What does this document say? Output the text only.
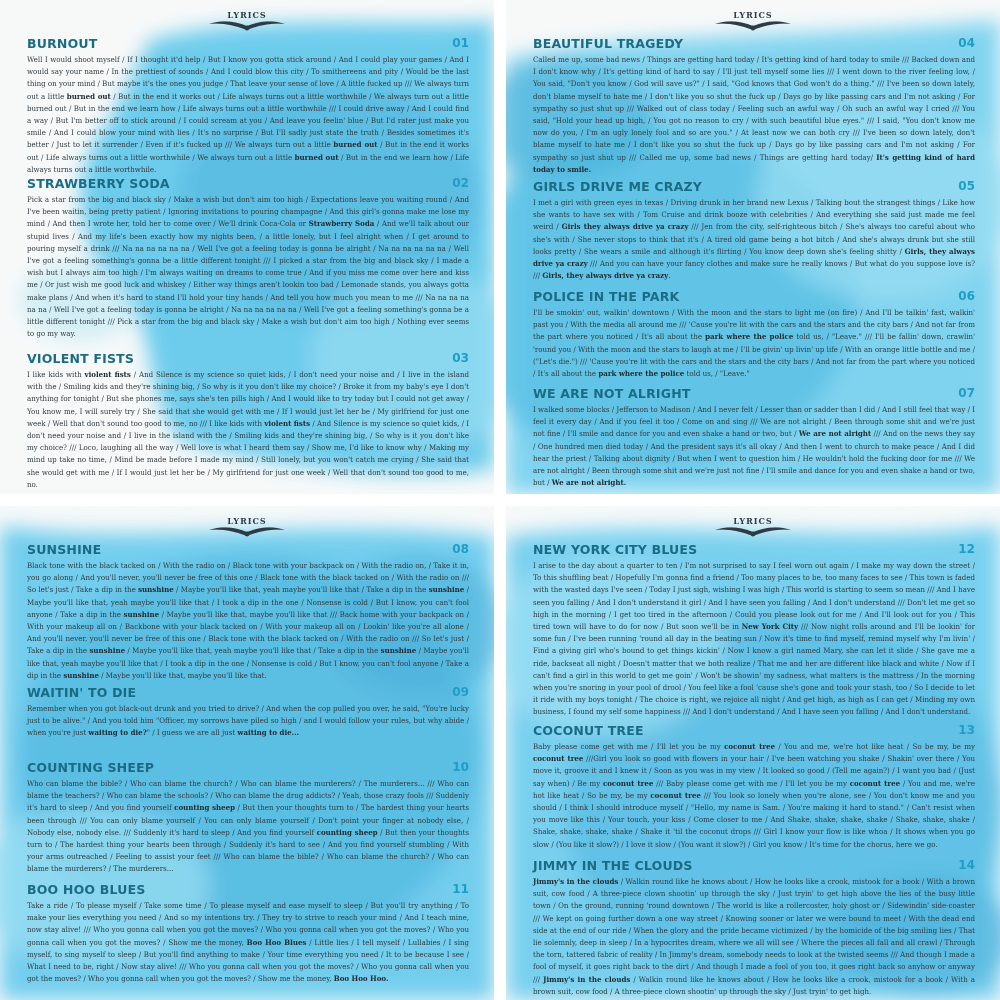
LYRICS
BURNOUT	01
Well I would shoot myself / If I thought it'd help / But I know you gotta stick around / And I could play your games / And I would say your name / In the prettiest of sounds / And I could blow this city / To smithereens and pity / Would be the last thing on your mind / But maybe it's the ones you judge / That leave your sense of love / A little fucked up /// We always turn out a little burned out / But in the end it works out / Life always turns out a little worthwhile / We always turn out a little burned out / But in the end we learn how / Life always turns out a little worthwhile /// I could drive away / And I could find a way / But I'm better off to stick around / I could scream at you / And leave you feelin' blue / But I'd rater just make you smile / And I could blow your mind with lies / It's no surprise / But I'll sadly just state the truth / Besides sometimes it's better / Just to let it surrender / Even if it's fucked up /// We always turn out a little burned out / But in the end it works out / Life always turns out a little worthwhile / We always turn out a little burned out / But in the end we learn how / Life always turns out a little worthwhile.
STRAWBERRY SODA	02
Pick a star from the big and black sky / Make a wish but don't aim too high / Expectations leave you waiting round / And I've been waitin, being pretty patient / Ignoring invitations to pouring champagne / And this girl's gonna make me lose my mind / And then I wrote her, told her to come over / We'll drink Coca-Cola or Strawberry Soda / And we'll talk about our stupid lives / And my life's been exactly how my nights been, / a little lonely, but I feel alright when / I get around to pouring myself a drink /// Na na na na na na / Well I've got a feeling today is gonna be alright / Na na na na na na / Well I've got a feeling something's gonna be a little different tonight /// I picked a star from the big and black sky / I made a wish but I always aim too high / I'm always waiting on dreams to come true / And if you miss me come over here and kiss me / Or just wish me good luck and whiskey / Either way things aren't lookin too bad / Lemonade stands, you always gotta make plans / And when it's hard to stand I'll hold your tiny hands / And tell you how much you mean to me /// Na na na na na na / Well I've got a feeling today is gonna be alright / Na na na na na na / Well I've got a feeling something's gonna be a little different tonight /// Pick a star from the big and black sky / Make a wish but don't aim too high / Nothing ever seems to go my way.
VIOLENT FISTS	03
I like kids with violent fists / And Silence is my science so quiet kids, / I don't need your noise and / I live in the island with the / Smiling kids and they're shining big, / So why is it you don't like my choice? / Broke it from my baby's eye I don't anything for tonight / But she phones me, says she's ten pills high / And I would like to try today but I could not get away / You know me, I will surely try / She said that she would get with me / If I would just let her be / My girlfriend for just one week / Well that don't sound too good to me, no /// I like kids with violent fists / And Silence is my science so quiet kids, / I don't need your noise and / I live in the island with the / Smiling kids and they're shining big, / So why is it you don't like my choice? /// Loco, laughing all the way / Well love is what I heard them say / Show me, I'd like to know why / Making my mind up take no time, / Mind be made before I made my mind / Still lonely, but you won't catch me crying / She said that she would get with me / If I would just let her be / My girlfriend for just one week / Well that don't sound too good to me, no.
LYRICS
BEAUTIFUL TRAGEDY	04
Called me up, some bad news / Things are getting hard today / It's getting kind of hard today to smile /// Backed down and I don't know why / It's getting kind of hard to say / I'll just tell myself some lies /// I went down to the river feeling low, / You said, "Don't you know / God will save us?" / I said, "God knows that God won't do a thing." /// I've been so down lately, don't blame myself to hate me / I don't like you so shut the fuck up / Days go by like passing cars and I'm not asking / For sympathy so just shut up /// Walked out of class today / Feeling such an awful way / Oh such an awful way I cried /// You said, "Hold your head up high, / You got no reason to cry / with such beautiful blue eyes." /// I said, "You don't know me now do you, / I'm an ugly lonely fool and so are you." / At least now we can both cry /// I've been so down lately, don't blame myself to hate me / I don't like you so shut the fuck up / Days go by like passing cars and I'm not asking / For sympathy so just shut up /// Called me up, some bad news / Things are getting hard today/ It's getting kind of hard today to smile.
GIRLS DRIVE ME CRAZY	05
I met a girl with green eyes in texas / Driving drunk in her brand new Lexus / Talking bout the strangest things / Like how she wants to have sex with / Tom Cruise and drink booze with celebrities / And everything she said just made me feel weird / Girls they always drive ya crazy /// Jen from the city, self-righteous bitch / She's always too careful about who she's with / She never stops to think that it's / A tired old game being a hot bitch / And she's always drunk but she still looks pretty / She wears a smile and although it's flirting / You know deep down she's feeling shitty / Girls, they always drive ya crazy /// And you can have your fancy clothes and make sure he really knows / But what do you suppose love is? /// Girls, they always drive ya crazy.
POLICE IN THE PARK	06
I'll be smokin' out, walkin' downtown / With the moon and the stars to light me (on fire) / And I'll be talkin' fast, walkin' past you / With the media all around me /// 'Cause you're lit with the cars and the stars and the city bars / And not far from the part where you noticed / It's all about the park where the police told us, / "Leave." /// I'll be fallin' down, crawlin' 'round you / With the moon and the stars to laugh at me / I'll be givin' up livin' up life / With an orange little bottle and me / ("Let's die.") /// 'Cause you're lit with the cars and the stars and the city bars / And not far from the part where you noticed / It's all about the park where the police told us, / "Leave."
WE ARE NOT ALRIGHT	07
I walked some blocks / Jefferson to Madison / And I never felt / Lesser than or sadder than I did / And I still feel that way / I feel it every day / And if you feel it too / Come on and sing /// We are not alright / Been through some shit and we're just not fine / I'll smile and dance for you and even shake a hand or two, but / We are not alright /// And on the news they say / One hundred men died today / And the president says it's all okay / And then I went to church to make peace / And I did hear the priest / Talking about dignity / But when I went to question him / He wouldn't hold the fucking door for me /// We are not alright / Been through some shit and we're just not fine / I'll smile and dance for you and even shake a hand or two, but / We are not alright.
LYRICS
SUNSHINE	08
Black tone with the black tacked on / With the radio on / Black tone with your backpack on / With the radio on, / Take it in, you go along / And you'll never, you'll never be free of this one / Black tone with the black tacked on / With the radio on /// So let's just / Take a dip in the sunshine / Maybe you'll like that, yeah maybe you'll like that / Take a dip in the sunshine / Maybe you'll like that, yeah maybe you'll like that / I took a dip in the one / Nonsense is cold / But I know, you can't fool anyone / Take a dip in the sunshine / Maybe you'll like that, maybe you'll like that /// Back home with your backpack on / With your makeup all on / Backbone with your black tacked on / With your makeup all on / Lookin' like you're all alone / And you'll never, you'll never be free of this one / Black tone with the black tacked on / With the radio on /// So let's just / Take a dip in the sunshine / Maybe you'll like that, yeah maybe you'll like that / Take a dip in the sunshine / Maybe you'll like that, yeah maybe you'll like that / I took a dip in the one / Nonsense is cold / But I know, you can't fool anyone / Take a dip in the sunshine / Maybe you'll like that, maybe you'll like that.
WAITIN' TO DIE	09
Remember when you got black-out drunk and you tried to drive? / And when the cop pulled you over, he said, "You're lucky just to be alive." / And you told him "Officer, my sorrows have piled so high / and I would follow your rules, but why abide / when you're just waiting to die?" / I guess we are all just waiting to die...
COUNTING SHEEP	10
Who can blame the bible? / Who can blame the church? / Who can blame the murderers? / The murderers... /// Who can blame the teachers? / Who can blame the schools? / Who can blame the drug addicts? / Yeah, those crazy fools /// Suddenly it's hard to sleep / And you find yourself counting sheep / But then your thoughts turn to / The hardest thing your hearts been through /// You can only blame yourself / You can only blame yourself / Don't point your finger at nobody else, / Nobody else, nobody else. /// Suddenly it's hard to sleep / And you find yourself counting sheep / But then your thoughts turn to / The hardest thing your hearts been through / Suddenly it's hard to see / And you find yourself stumbling / With your arms outreached / Feeling to assist your feet /// Who can blame the bible? / Who can blame the church? / Who can blame the murderers? / The murderers...
BOO HOO BLUES	11
Take a ride / To please myself / Take some time / To please myself and ease myself to sleep / But you'll try anything / To make your lies everything you need / And so my intentions try. / They try to strive to reach your mind / And I teach mine, now stay alive! /// Who you gonna call when you got the moves? / Who you gonna call when you got the moves? / Who you gonna call when you got the moves? / Show me the money, Boo Hoo Blues / Little lies / I tell myself / Lullabies / I sing myself, to sing myself to sleep / But you'll find anything to make / Your time everything you need / It to be because I see / What I need to be, right / Now stay alive! /// Who you gonna call when you got the moves? / Who you gonna call when you got the moves? / Who you gonna call when you got the moves? / Show me the money, Boo Hoo Hoo.
LYRICS
NEW YORK CITY BLUES	12
I arise to the day about a quarter to ten / I'm not surprised to say I feel worn out again / I make my way down the street / To this shuffling beat / Hopefully I'm gonna find a friend / Too many places to be, too many faces to see / This town is faded with the wasted days I've seen / Today I just sigh, wishing I was high / This world is starting to seem so mean /// And I have seen you falling / And I don't understand it girl / And I have seen you falling / And I don't understand /// Don't let me get so high in the morning / I get too tired in the afternoon / Could you please look out for me / And I'll look out for you / This tired town will have to do for now / But soon we'll be in New York City /// Now night rolls around and I'll be lookin' for some fun / I've been running 'round all day in the beating sun / Now it's time to find myself, remind myself why I'm livin' / Find a giving girl who's bound to get things kickin' / Now I know a girl named Mary, she can let it slide / She gave me a ride, backseat all night / Doesn't matter that we both realize / That me and her are different like black and white / Now if I can't find a girl in this world to get me goin' / Won't be showin' my sadness, what matters is the mattress / In the morning when you're snoring in your pool of drool / You feel like a fool 'cause she's gone and took your stash, too / So I decide to let it ride with my boys tonight / The choice is right, we rejoice all night / And get high, as high as I can get / Minding my own business, I found my self some happiness /// And I don't understand / And I have seen you falling / And I don't understand.
COCONUT TREE	13
Baby please come get with me / I'll let you be my coconut tree / You and me, we're hot like heat / So be my, be my coconut tree ///Girl you look so good with flowers in your hair / I've been watching you shake / Shakin' over there / You move it, groove it and I knew it / Soon as you was in my view / It looked so good / (Tell me again?) / I want you bad / (Just say when) / Be my coconut tree /// Baby please come get with me / I'll let you be my coconut tree / You and me, we're hot like heat / So be my, be my coconut tree /// You look so lonely when you're alone, see / You don't know me and you should / I think I should introduce myself / "Hello, my name is Sam. / You're making it hard to stand." / Can't resist when you move like this / Your touch, your kiss / Come closer to me / And Shake, shake, shake, shake / Shake, shake, shake / Shake, shake, shake, shake / Shake it 'til the coconut drops /// Girl I know your flow is like whoa / It shows when you go slow / (You like it slow?) / I love it slow / (You want it slow?) / Girl you know / It's time for the chorus, here we go.
JIMMY IN THE CLOUDS	14
Jimmy's in the clouds / Walkin round like he knows about / How he looks like a crook, mistook for a book / With a brown suit, cow food / A three-piece clown shootin' up through the sky / Just tryin' to get high above the lies of the busy little town / On the ground, running 'round downtown / The world is like a rollercoster, holy ghost or / Sidewindin' side-coaster /// We kept on going further down a one way street / Knowing sooner or later we were bound to meet / With the dead end side at the end of our ride / When the glory and the pride became victimized / by the homicide of the big smiling lies / That lie solemnly, deep in sleep / In a hypocrites dream, where we all will see / Where the pieces all fall and all crawl / Through the torn, tattered fabric of reality / In Jimmy's dream, somebody needs to look at the twisted seems /// And though I made a fool of myself, it goes right back to the dirt / And though I made a fool of you too, it goes right back so anyhow or anyway /// Jimmy's in the clouds / Walkin round like he knows about / How he looks like a crook, mistook for a book / With a brown suit, cow food / A three-piece clown shootin' up through the sky / Just tryin' to get high.
